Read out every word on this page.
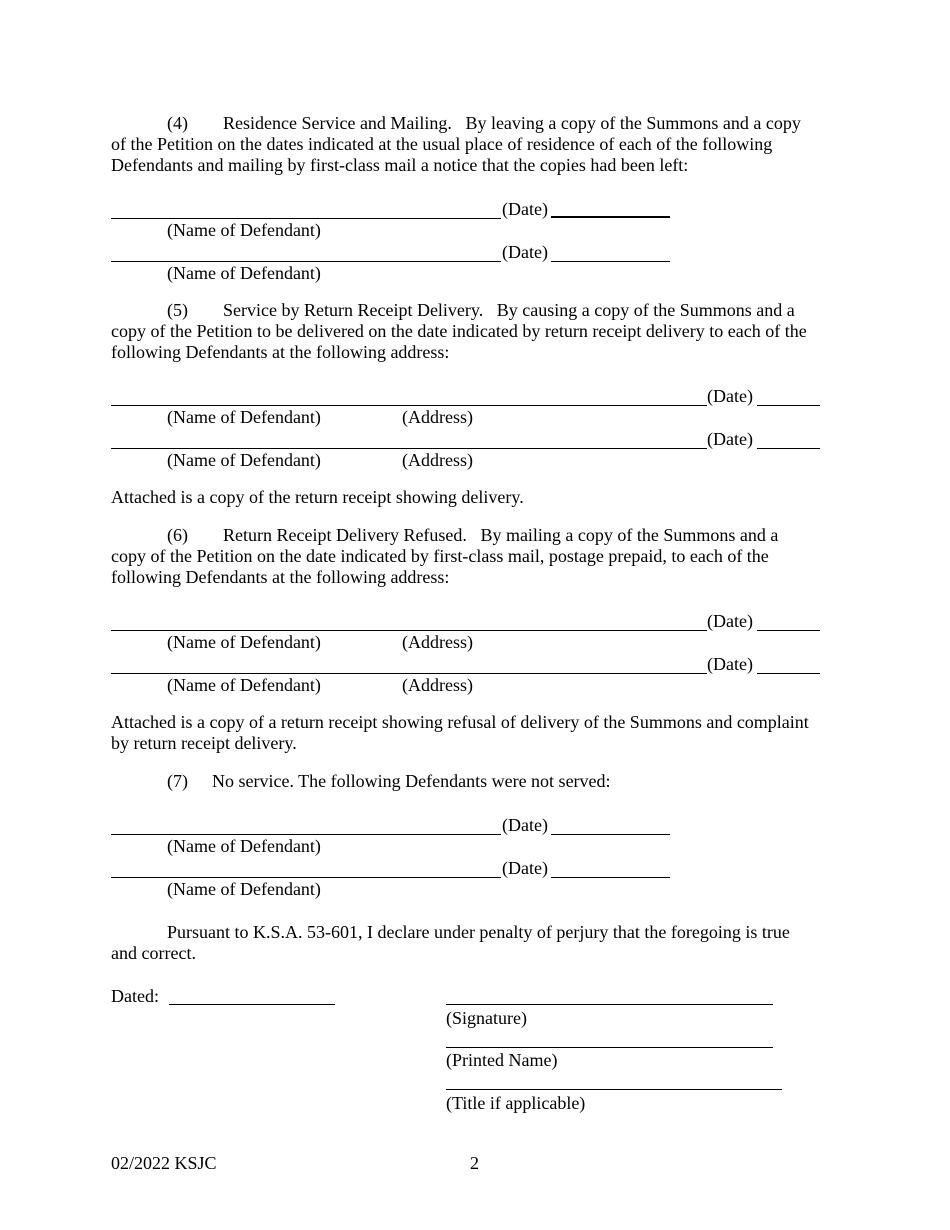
(4) Residence Service and Mailing. By leaving a copy of the Summons and a copy
of the Petition on the dates indicated at the usual place of residence of each of the following
Defendants and mailing by first-class mail a notice that the copies had been left:
(Date)
(Name of Defendant)
(Date)
(Name of Defendant)
(5) Service by Return Receipt Delivery. By causing a copy of the Summons and a
copy of the Petition to be delivered on the date indicated by return receipt delivery to each of the
following Defendants at the following address:
(Date)
(Name of Defendant)	(Address)
(Date)
(Name of Defendant)	(Address)
Attached is a copy of the return receipt showing delivery.
(6) Return Receipt Delivery Refused. By mailing a copy of the Summons and a
copy of the Petition on the date indicated by first-class mail, postage prepaid, to each of the
following Defendants at the following address:
(Date)
(Name of Defendant)	(Address)
(Date)
(Name of Defendant)	(Address)
Attached is a copy of a return receipt showing refusal of delivery of the Summons and complaint
by return receipt delivery.
(7) No service. The following Defendants were not served:
(Date)
(Name of Defendant)
(Date)
(Name of Defendant)
Pursuant to K.S.A. 53-601, I declare under penalty of perjury that the foregoing is true
and correct.
Dated:
(Signature)
(Printed Name)
(Title if applicable)
02/2022 KSJC	2
